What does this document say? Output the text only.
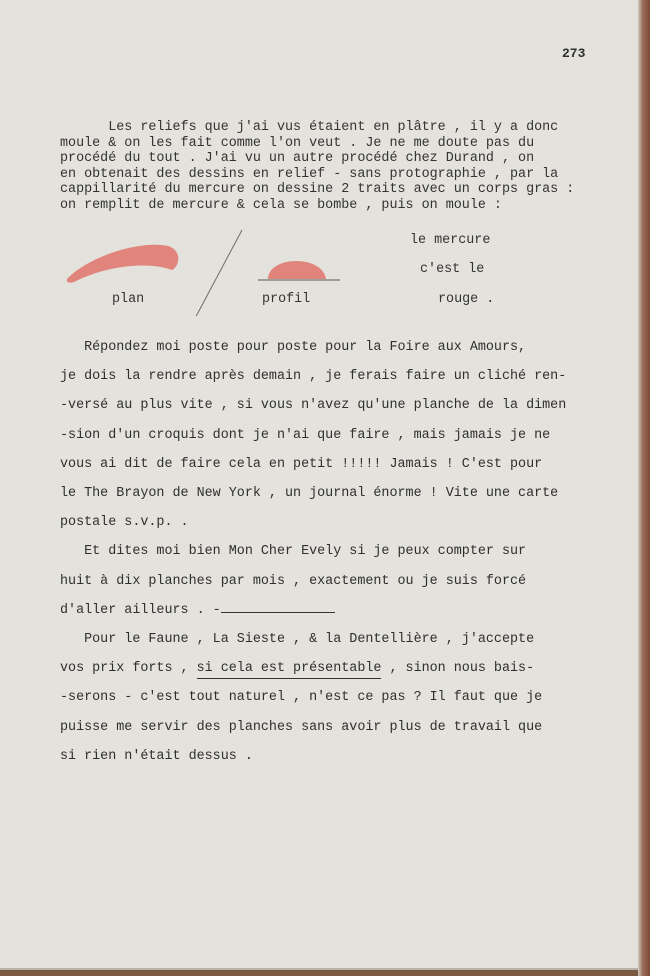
273
Les reliefs que j'ai vus étaient en plâtre , il y a donc
moule & on les fait comme l'on veut . Je ne me doute pas du
procédé du tout . J'ai vu un autre procédé chez Durand , on
en obtenait des dessins en relief - sans protographie , par la
cappillarité du mercure on dessine 2 traits avec un corps gras :
on remplit de mercure & cela se bombe , puis on moule :
plan	profil
le mercure
c'est le
rouge .
Répondez moi poste pour poste pour la Foire aux Amours,
je dois la rendre après demain , je ferais faire un cliché ren-
-versé au plus vite , si vous n'avez qu'une planche de la dimen
-sion d'un croquis dont je n'ai que faire , mais jamais je ne
vous ai dit de faire cela en petit !!!!! Jamais ! C'est pour
le The Brayon de New York , un journal énorme ! Vite une carte
postale s.v.p. .
Et dites moi bien Mon Cher Evely si je peux compter sur
huit à dix planches par mois , exactement ou je suis forcé
d'aller ailleurs . -
Pour le Faune , La Sieste , & la Dentellière , j'accepte
vos prix forts , si cela est présentable , sinon nous bais-
-serons - c'est tout naturel , n'est ce pas ? Il faut que je
puisse me servir des planches sans avoir plus de travail que
si rien n'était dessus .
